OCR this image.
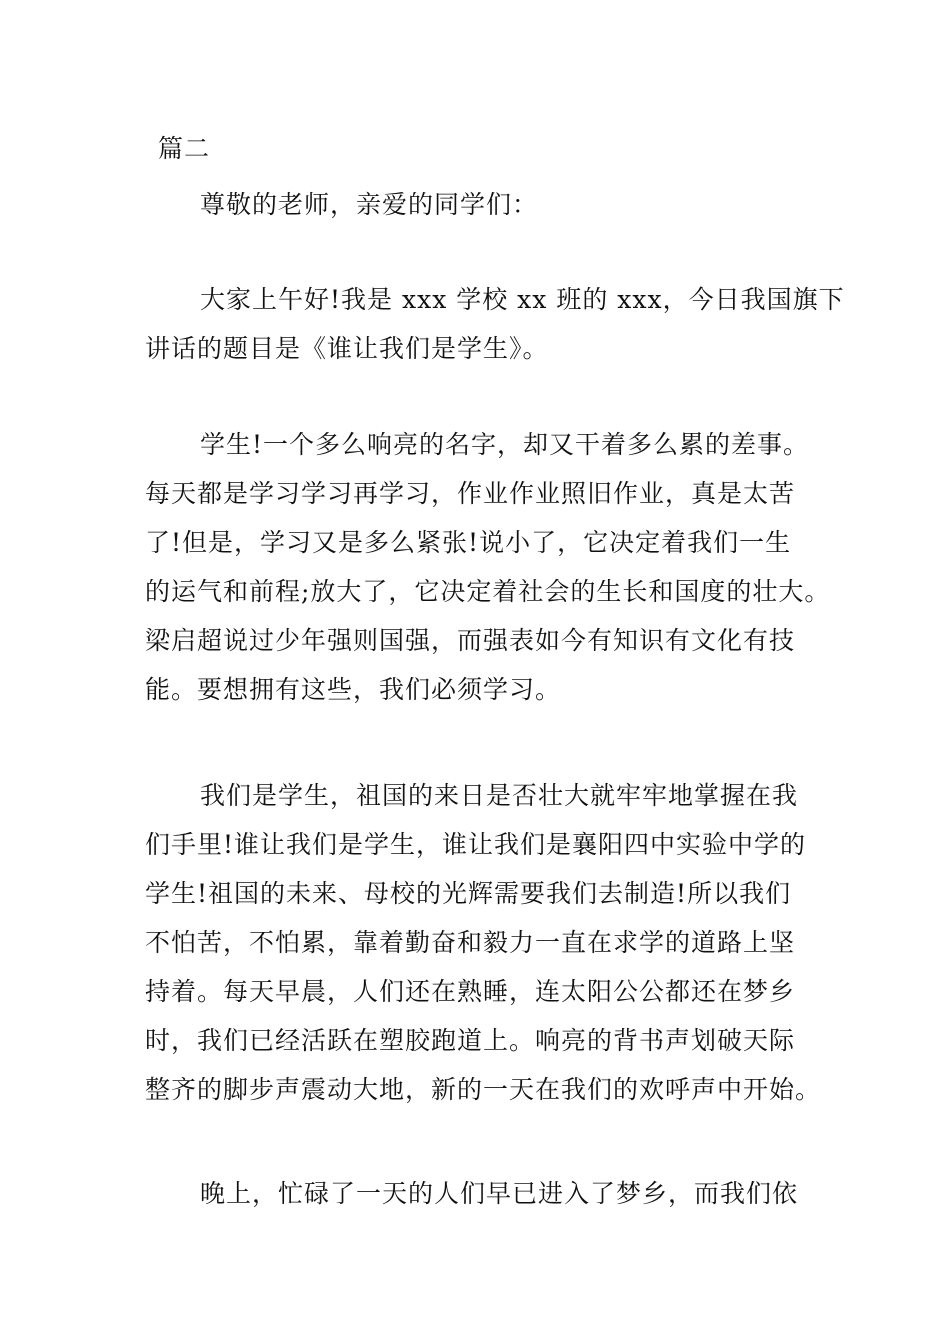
篇二
尊敬的老师，亲爱的同学们：
大家上午好!我是 xxx 学校 xx 班的 xxx，今日我国旗下
讲话的题目是《谁让我们是学生》。
学生!一个多么响亮的名字，却又干着多么累的差事。
每天都是学习学习再学习，作业作业照旧作业，真是太苦
了!但是，学习又是多么紧张!说小了，它决定着我们一生
的运气和前程;放大了，它决定着社会的生长和国度的壮大。
梁启超说过少年强则国强，而强表如今有知识有文化有技
能。要想拥有这些，我们必须学习。
我们是学生，祖国的来日是否壮大就牢牢地掌握在我
们手里!谁让我们是学生，谁让我们是襄阳四中实验中学的
学生!祖国的未来、母校的光辉需要我们去制造!所以我们
不怕苦，不怕累，靠着勤奋和毅力一直在求学的道路上坚
持着。每天早晨，人们还在熟睡，连太阳公公都还在梦乡
时，我们已经活跃在塑胶跑道上。响亮的背书声划破天际
整齐的脚步声震动大地，新的一天在我们的欢呼声中开始。
晚上，忙碌了一天的人们早已进入了梦乡，而我们依
